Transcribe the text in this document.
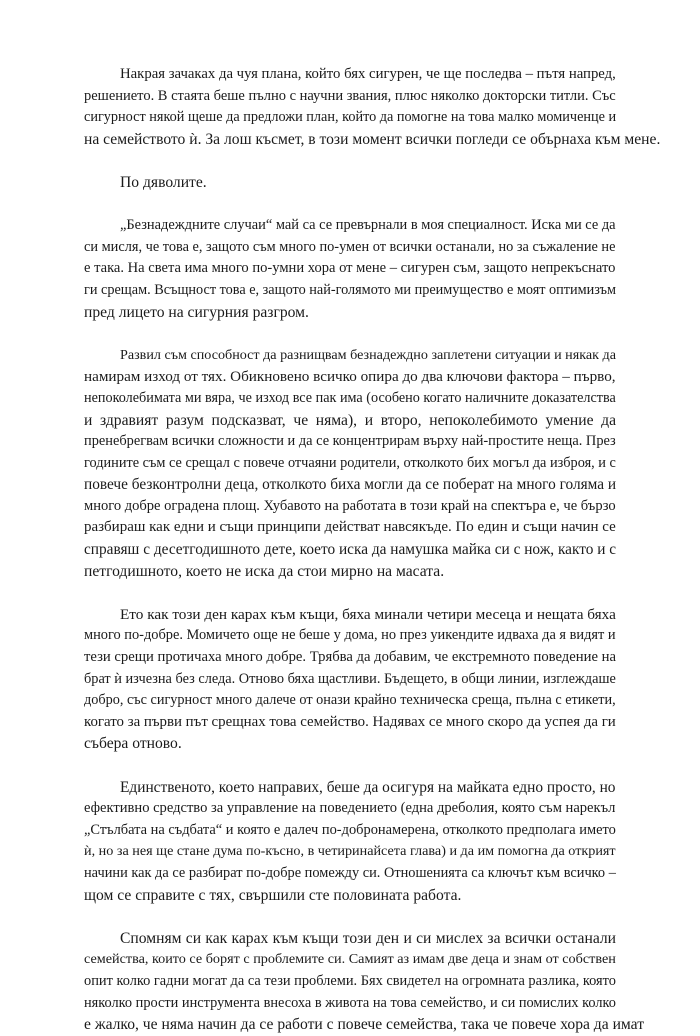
Накрая зачаках да чуя плана, който бях сигурен, че ще последва – пътя напред,
решението. В стаята беше пълно с научни звания, плюс няколко докторски титли. Със
сигурност някой щеше да предложи план, който да помогне на това малко момиченце и
на семейството ѝ. За лош късмет, в този момент всички погледи се обърнаха към мене.

По дяволите.

„Безнадеждните случаи“ май са се превърнали в моя специалност. Иска ми се да
си мисля, че това е, защото съм много по-умен от всички останали, но за съжаление не
е така. На света има много по-умни хора от мене – сигурен съм, защото непрекъснато
ги срещам. Всъщност това е, защото най-голямото ми преимущество е моят оптимизъм
пред лицето на сигурния разгром.

Развил съм способност да разнищвам безнадеждно заплетени ситуации и някак да
намирам изход от тях. Обикновено всичко опира до два ключови фактора – първо,
непоколебимата ми вяра, че изход все пак има (особено когато наличните доказателства
и здравият разум подсказват, че няма), и второ, непоколебимото умение да
пренебрегвам всички сложности и да се концентрирам върху най-простите неща. През
годините съм се срещал с повече отчаяни родители, отколкото бих могъл да изброя, и с
повече безконтролни деца, отколкото биха могли да се поберат на много голяма и
много добре оградена площ. Хубавото на работата в този край на спектъра е, че бързо
разбираш как едни и същи принципи действат навсякъде. По един и същи начин се
справяш с десетгодишното дете, което иска да намушка майка си с нож, както и с
петгодишното, което не иска да стои мирно на масата.

Ето как този ден карах към къщи, бяха минали четири месеца и нещата бяха
много по-добре. Момичето още не беше у дома, но през уикендите идваха да я видят и
тези срещи протичаха много добре. Трябва да добавим, че екстремното поведение на
брат ѝ изчезна без следа. Отново бяха щастливи. Бъдещето, в общи линии, изглеждаше
добро, със сигурност много далече от онази крайно техническа среща, пълна с етикети,
когато за първи път срещнах това семейство. Надявах се много скоро да успея да ги
събера отново.

Единственото, което направих, беше да осигуря на майката едно просто, но
ефективно средство за управление на поведението (една дреболия, която съм нарекъл
„Стълбата на съдбата“ и която е далеч по-добронамерена, отколкото предполага името
ѝ, но за нея ще стане дума по-късно, в четиринайсета глава) и да им помогна да открият
начини как да се разбират по-добре помежду си. Отношенията са ключът към всичко –
щом се справите с тях, свършили сте половината работа.

Спомням си как карах към къщи този ден и си мислех за всички останали
семейства, които се борят с проблемите си. Самият аз имам две деца и знам от собствен
опит колко гадни могат да са тези проблеми. Бях свидетел на огромната разлика, която
няколко прости инструмента внесоха в живота на това семейство, и си помислих колко
е жалко, че няма начин да се работи с повече семейства, така че повече хора да имат
